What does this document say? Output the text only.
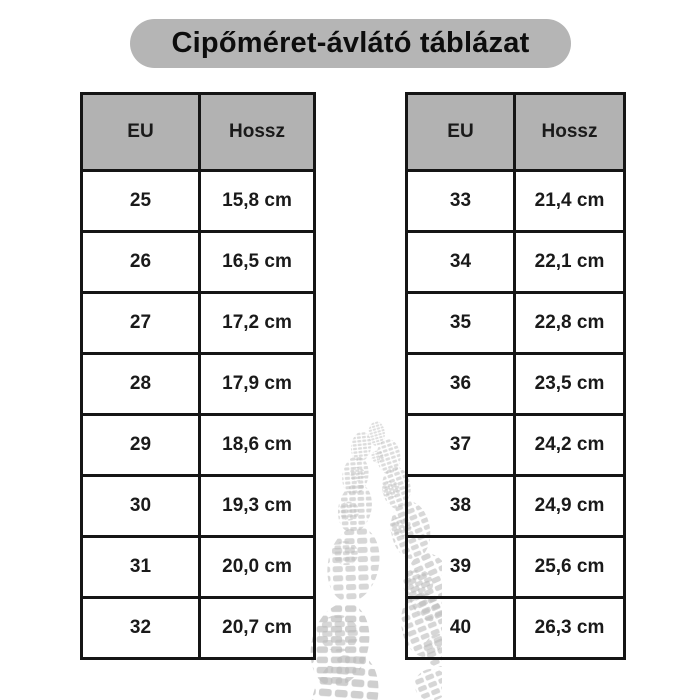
Cipőméret-ávlátó táblázat
EU	Hossz
25	15,8 cm
26	16,5 cm
27	17,2 cm
28	17,9 cm
29	18,6 cm
30	19,3 cm
31	20,0 cm
32	20,7 cm
EU	Hossz
33	21,4 cm
34	22,1 cm
35	22,8 cm
36	23,5 cm
37	24,2 cm
38	24,9 cm
39	25,6 cm
40	26,3 cm
